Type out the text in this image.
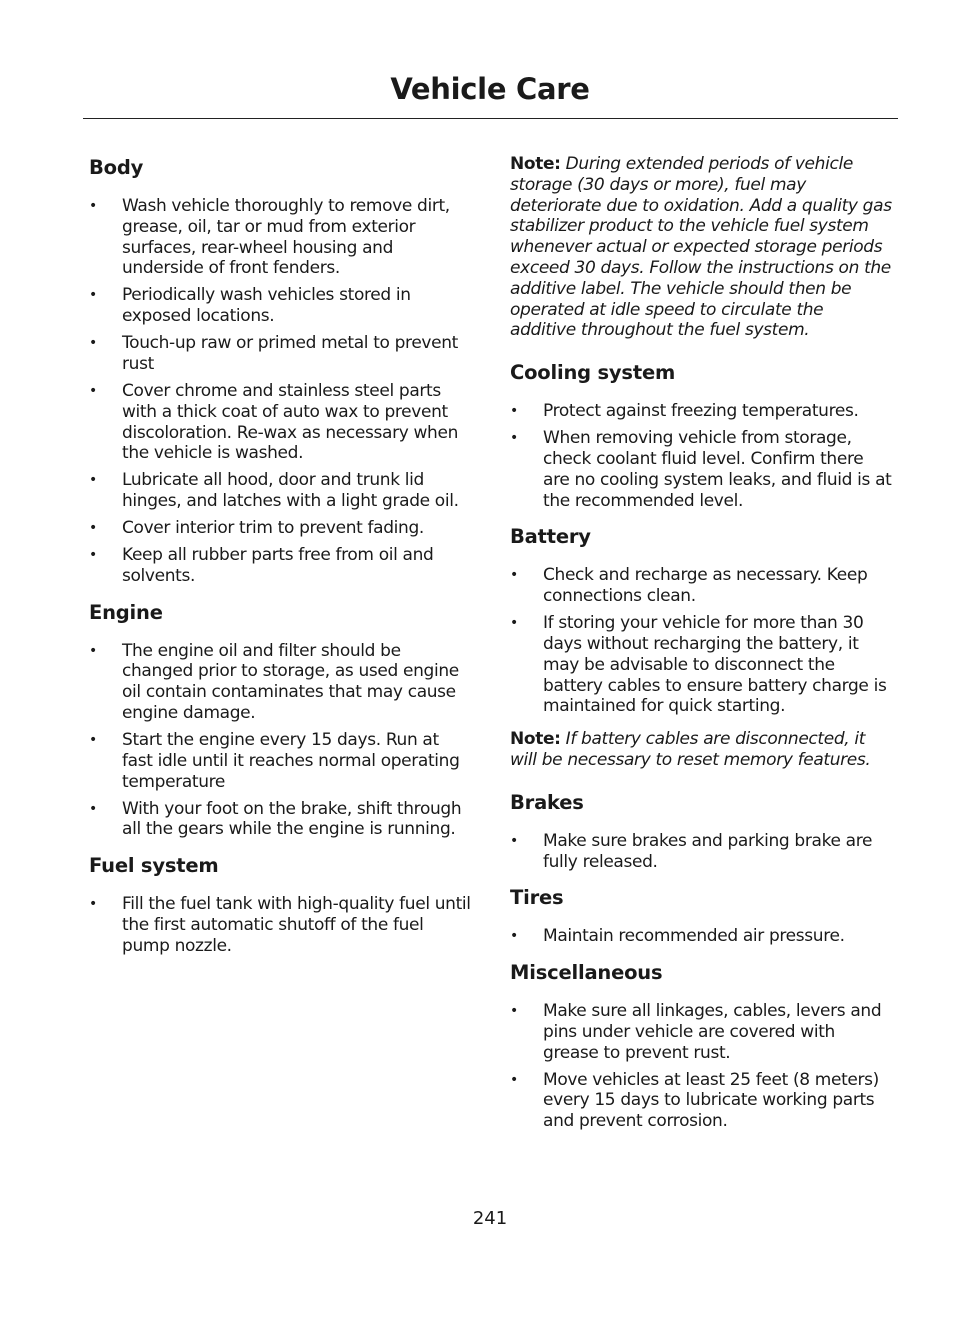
Vehicle Care
Body
• Wash vehicle thoroughly to remove dirt, grease, oil, tar or mud from exterior surfaces, rear-wheel housing and underside of front fenders.
• Periodically wash vehicles stored in exposed locations.
• Touch-up raw or primed metal to prevent rust
• Cover chrome and stainless steel parts with a thick coat of auto wax to prevent discoloration. Re-wax as necessary when the vehicle is washed.
• Lubricate all hood, door and trunk lid hinges, and latches with a light grade oil.
• Cover interior trim to prevent fading.
• Keep all rubber parts free from oil and solvents.
Engine
• The engine oil and filter should be changed prior to storage, as used engine oil contain contaminates that may cause engine damage.
• Start the engine every 15 days. Run at fast idle until it reaches normal operating temperature
• With your foot on the brake, shift through all the gears while the engine is running.
Fuel system
• Fill the fuel tank with high-quality fuel until the first automatic shutoff of the fuel pump nozzle.

Note: During extended periods of vehicle storage (30 days or more), fuel may deteriorate due to oxidation. Add a quality gas stabilizer product to the vehicle fuel system whenever actual or expected storage periods exceed 30 days. Follow the instructions on the additive label. The vehicle should then be operated at idle speed to circulate the additive throughout the fuel system.

Cooling system
• Protect against freezing temperatures.
• When removing vehicle from storage, check coolant fluid level. Confirm there are no cooling system leaks, and fluid is at the recommended level.
Battery
• Check and recharge as necessary. Keep connections clean.
• If storing your vehicle for more than 30 days without recharging the battery, it may be advisable to disconnect the battery cables to ensure battery charge is maintained for quick starting.

Note: If battery cables are disconnected, it will be necessary to reset memory features.

Brakes
• Make sure brakes and parking brake are fully released.
Tires
• Maintain recommended air pressure.
Miscellaneous
• Make sure all linkages, cables, levers and pins under vehicle are covered with grease to prevent rust.
• Move vehicles at least 25 feet (8 meters) every 15 days to lubricate working parts and prevent corrosion.
241
